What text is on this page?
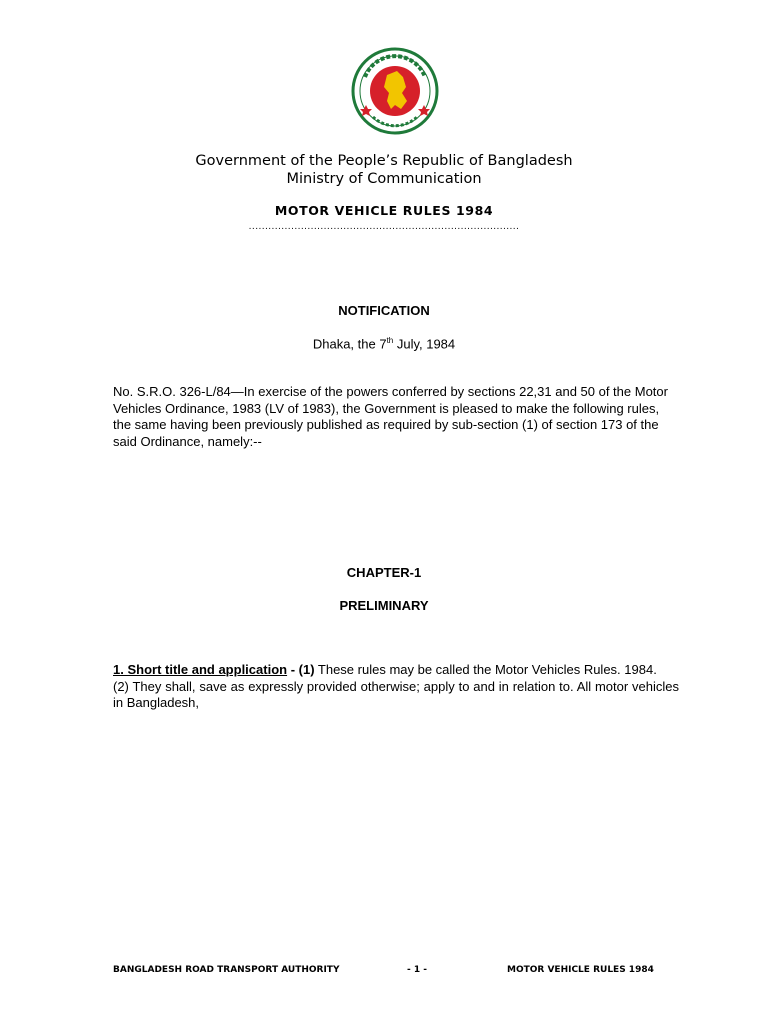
Government of the People’s Republic of Bangladesh
Ministry of Communication
MOTOR VEHICLE RULES 1984
...................................................................................
NOTIFICATION
Dhaka, the 7th July, 1984
No. S.R.O. 326-L/84—In exercise of the powers conferred by sections 22,31 and 50 of the Motor Vehicles Ordinance, 1983 (LV of 1983), the Government is pleased to make the following rules, the same having been previously published as required by sub-section (1) of section 173 of the said Ordinance, namely:--
CHAPTER-1
PRELIMINARY
1. Short title and application - (1) These rules may be called the Motor Vehicles Rules. 1984.
(2) They shall, save as expressly provided otherwise; apply to and in relation to. All motor vehicles in Bangladesh,
BANGLADESH ROAD TRANSPORT AUTHORITY	- 1 -	MOTOR VEHICLE RULES 1984
